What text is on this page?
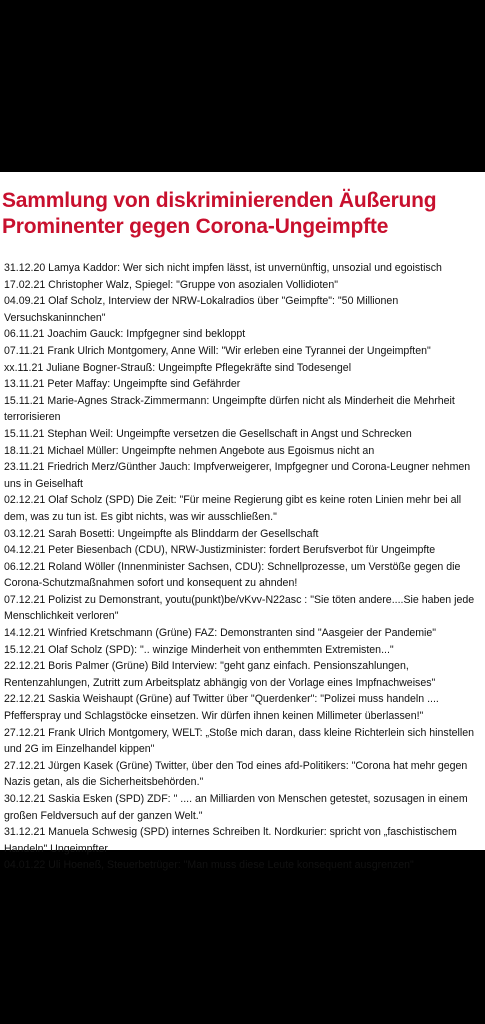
Sammlung von diskriminierenden Äußerung
Prominenter gegen Corona-Ungeimpfte
31.12.20 Lamya Kaddor: Wer sich nicht impfen lässt, ist unvernünftig, unsozial und egoistisch
17.02.21 Christopher Walz, Spiegel: "Gruppe von asozialen Vollidioten"
04.09.21 Olaf Scholz, Interview der NRW-Lokalradios über "Geimpfte": "50 Millionen Versuchskaninnchen"
06.11.21 Joachim Gauck: Impfgegner sind bekloppt
07.11.21 Frank Ulrich Montgomery, Anne Will: "Wir erleben eine Tyrannei der Ungeimpften"
xx.11.21 Juliane Bogner-Strauß: Ungeimpfte Pflegekräfte sind Todesengel
13.11.21 Peter Maffay: Ungeimpfte sind Gefährder
15.11.21 Marie-Agnes Strack-Zimmermann: Ungeimpfte dürfen nicht als Minderheit die Mehrheit terrorisieren
15.11.21 Stephan Weil: Ungeimpfte versetzen die Gesellschaft in Angst und Schrecken
18.11.21 Michael Müller: Ungeimpfte nehmen Angebote aus Egoismus nicht an
23.11.21 Friedrich Merz/Günther Jauch: Impfverweigerer, Impfgegner und Corona-Leugner nehmen uns in Geiselhaft
02.12.21 Olaf Scholz (SPD) Die Zeit: "Für meine Regierung gibt es keine roten Linien mehr bei all dem, was zu tun ist. Es gibt nichts, was wir ausschließen."
03.12.21 Sarah Bosetti: Ungeimpfte als Blinddarm der Gesellschaft
04.12.21 Peter Biesenbach (CDU), NRW-Justizminister: fordert Berufsverbot für Ungeimpfte
06.12.21 Roland Wöller (Innenminister Sachsen, CDU): Schnellprozesse, um Verstöße gegen die Corona-Schutzmaßnahmen sofort und konsequent zu ahnden!
07.12.21 Polizist zu Demonstrant, youtu(punkt)be/vKvv-N22asc : "Sie töten andere....Sie haben jede Menschlichkeit verloren"
14.12.21 Winfried Kretschmann (Grüne) FAZ: Demonstranten sind "Aasgeier der Pandemie"
15.12.21 Olaf Scholz (SPD): ".. winzige Minderheit von enthemmten Extremisten..."
22.12.21 Boris Palmer (Grüne) Bild Interview: "geht ganz einfach. Pensionszahlungen, Rentenzahlungen, Zutritt zum Arbeitsplatz abhängig von der Vorlage eines Impfnachweises"
22.12.21 Saskia Weishaupt (Grüne) auf Twitter über "Querdenker": "Polizei muss handeln .... Pfefferspray und Schlagstöcke einsetzen. Wir dürfen ihnen keinen Millimeter überlassen!"
27.12.21 Frank Ulrich Montgomery, WELT: „Stoße mich daran, dass kleine Richterlein sich hinstellen und 2G im Einzelhandel kippen"
27.12.21 Jürgen Kasek (Grüne) Twitter, über den Tod eines afd-Politikers: "Corona hat mehr gegen Nazis getan, als die Sicherheitsbehörden."
30.12.21 Saskia Esken (SPD) ZDF: " .... an Milliarden von Menschen getestet, sozusagen in einem großen Feldversuch auf der ganzen Welt."
31.12.21 Manuela Schwesig (SPD) internes Schreiben lt. Nordkurier: spricht von „faschistischem Handeln" Ungeimpfter
04.01.22 Uli Hoeneß, Steuerbetrüger: "Man muss diese Leute konsequent ausgrenzen"
